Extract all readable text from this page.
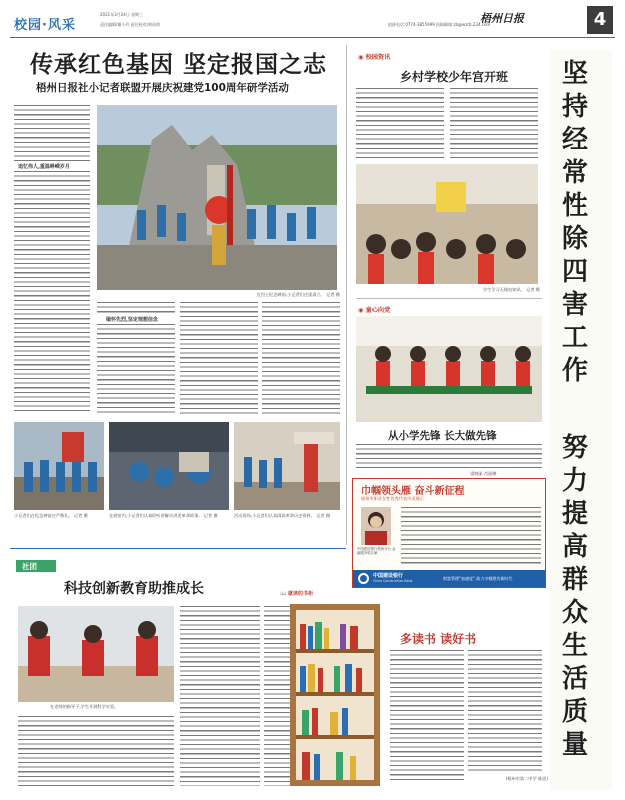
校园·风采
2021年3月24日 星期三
责任编辑/谢小玲 责任校对/黄雨鸿	值班电话:0774-3855999 投稿邮箱:zb@wzrb.234.com
梧州日报	4
传承红色基因 坚定报国之志
梧州日报社小记者联盟开展庆祝建党100周年研学活动
追忆伟人,重温峥嵘岁月
在烈士纪念碑前,小记者们庄重肃立。 记者 摄
缅怀先烈,坚定理想信念
小记者们在纪念碑前庄严敬礼。 记者 摄	在展馆内,小记者们认真聆听讲解员讲述革命故事。 记者 摄	活动现场,小记者们认真阅读革命历史资料。 记者 摄
◉ 校园资讯
乡村学校少年宫开班
学生学习无线电知识。 记者 摄
◉ 童心向党
从小学先锋 长大做先锋
梁晓丽 肖丽娜
坚持经常性除四害工作
努力提高群众生活质量
巾帼领头雁 奋斗新征程
梧州市职业女性优秀代表风采展示
中国建设银行梧州分行 金融服务领头雁
中国建设银行
China Construction Bank	财富管理“加速度”,助力巾帼建功新时代
社团
科技创新教育助推成长
在老师的指导下,学生开展科学实验。
📖 就读的书柜
多读书 读好书
(梧州市第二中学 陈思)
